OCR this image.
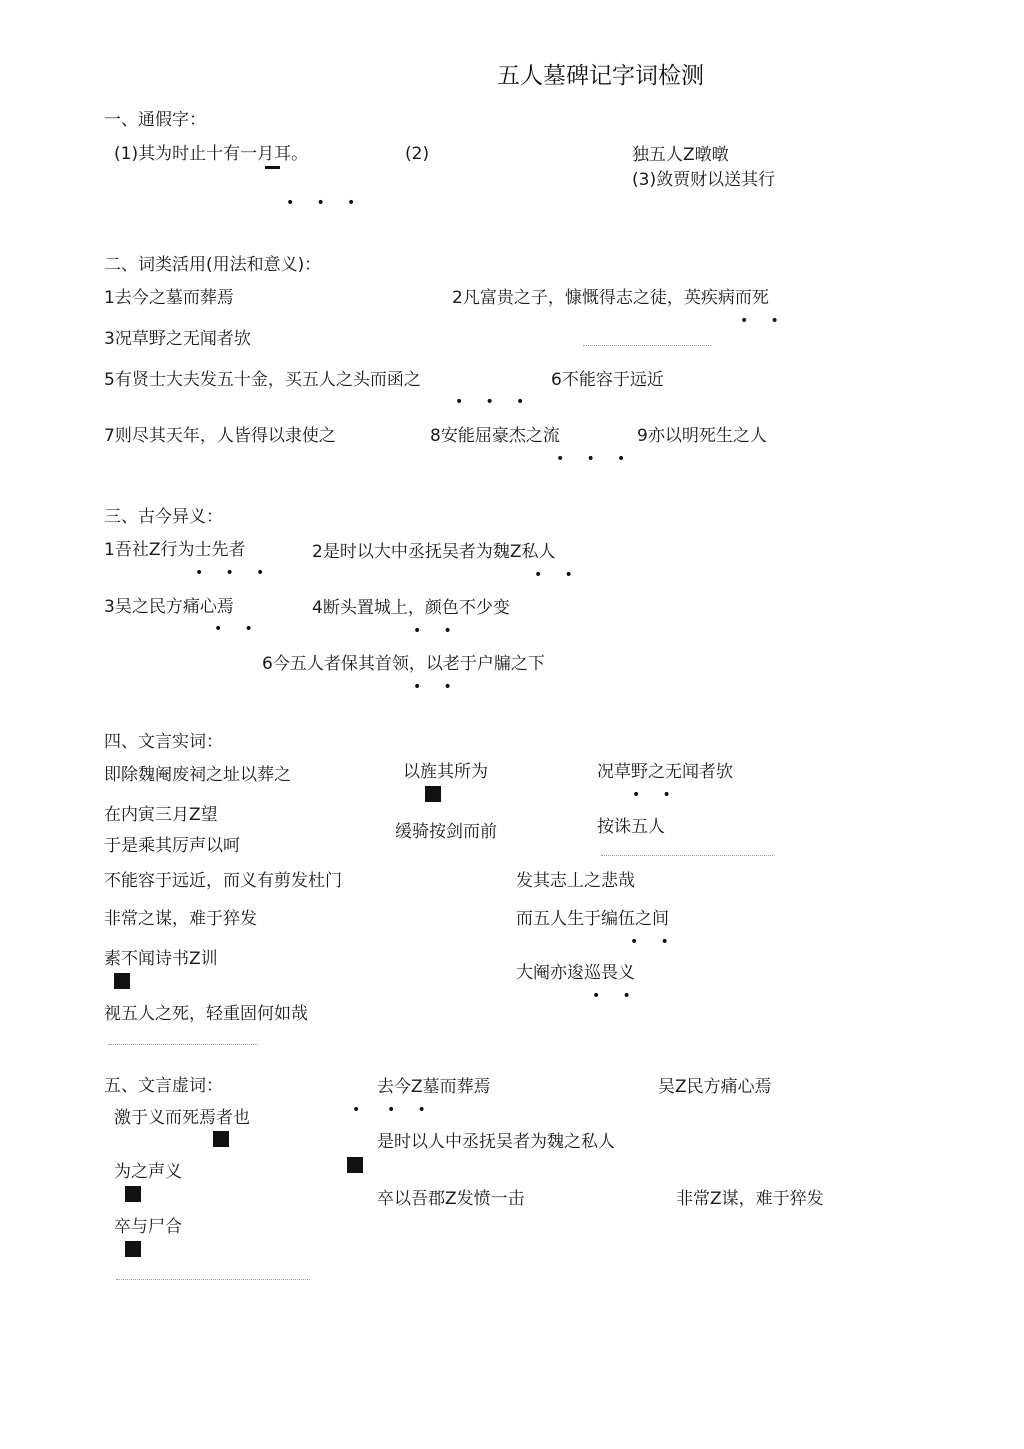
五人墓碑记字词检测
一、通假字：
(1)其为时止十有一月耳。
•     •     •
(2)	独五人Z暾暾
(3)敛贾财以送其行
二、词类活用(用法和意义)：
1去今之墓而葬焉	2凡富贵之子，慷慨得志之徒，英疾病而死
•     •
3况草野之无闻者欤
5有贤士大夫发五十金，买五人之头而函之
•     •     •
6不能容于远近
7则尽其天年，人皆得以隶使之	8安能屈豪杰之流
•     •     •
9亦以明死生之人
三、古今异义：
1吾社Z行为士先者
•     •     •
2是时以大中丞抚吴者为魏Z私人
•     •
3吴之民方痛心焉
•     •
4断头置城上，颜色不少变
•     •
6今五人者保其首领，以老于户牖之下
•     •
四、文言实词：
即除魏阉废祠之址以葬之	以旌其所为	况草野之无闻者欤
•     •
在内寅三月Z望
缓骑按剑而前	按诛五人
于是乘其厉声以呵
不能容于远近，而义有剪发杜门	发其志丄之悲哉
非常之谋，难于猝发	而五人生于编伍之间
•     •
素不闻诗书Z训
大阉亦逡巡畏义
•     •
视五人之死，轻重固何如哉
五、文言虚词：	去今Z墓而葬焉
•      •     •
吴Z民方痛心焉
激于义而死焉者也
是时以人中丞抚吴者为魏之私人
为之声义
卒以吾郡Z发愤一击	非常Z谋，难于猝发
卒与尸合
